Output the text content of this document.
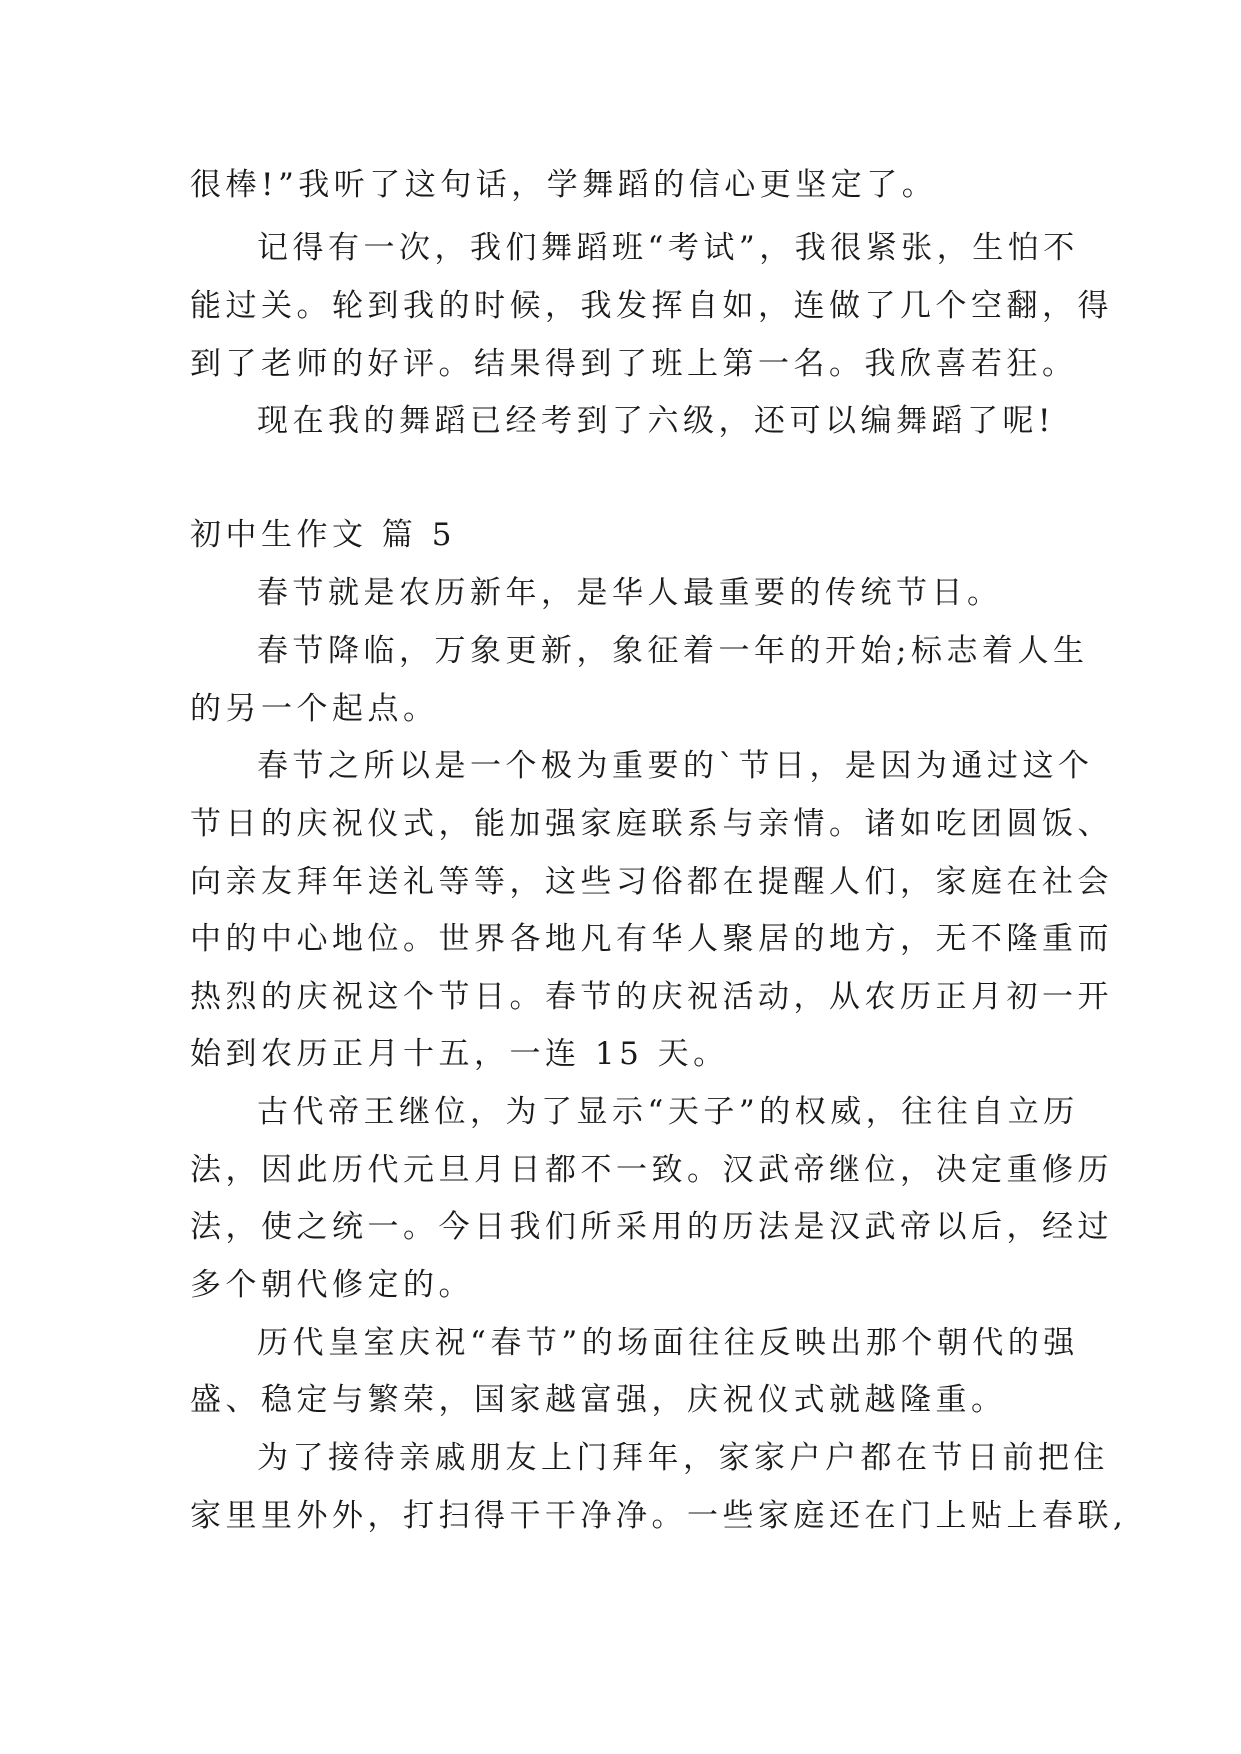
很棒!”我听了这句话，学舞蹈的信心更坚定了。
记得有一次，我们舞蹈班“考试”，我很紧张，生怕不
能过关。轮到我的时候，我发挥自如，连做了几个空翻，得
到了老师的好评。结果得到了班上第一名。我欣喜若狂。
现在我的舞蹈已经考到了六级，还可以编舞蹈了呢!
初中生作文 篇 5
春节就是农历新年，是华人最重要的传统节日。
春节降临，万象更新，象征着一年的开始;标志着人生
的另一个起点。
春节之所以是一个极为重要的`节日，是因为通过这个
节日的庆祝仪式，能加强家庭联系与亲情。诸如吃团圆饭、
向亲友拜年送礼等等，这些习俗都在提醒人们，家庭在社会
中的中心地位。世界各地凡有华人聚居的地方，无不隆重而
热烈的庆祝这个节日。春节的庆祝活动，从农历正月初一开
始到农历正月十五，一连 15 天。
古代帝王继位，为了显示“天子”的权威，往往自立历
法，因此历代元旦月日都不一致。汉武帝继位，决定重修历
法，使之统一。今日我们所采用的历法是汉武帝以后，经过
多个朝代修定的。
历代皇室庆祝“春节”的场面往往反映出那个朝代的强
盛、稳定与繁荣，国家越富强，庆祝仪式就越隆重。
为了接待亲戚朋友上门拜年，家家户户都在节日前把住
家里里外外，打扫得干干净净。一些家庭还在门上贴上春联,
